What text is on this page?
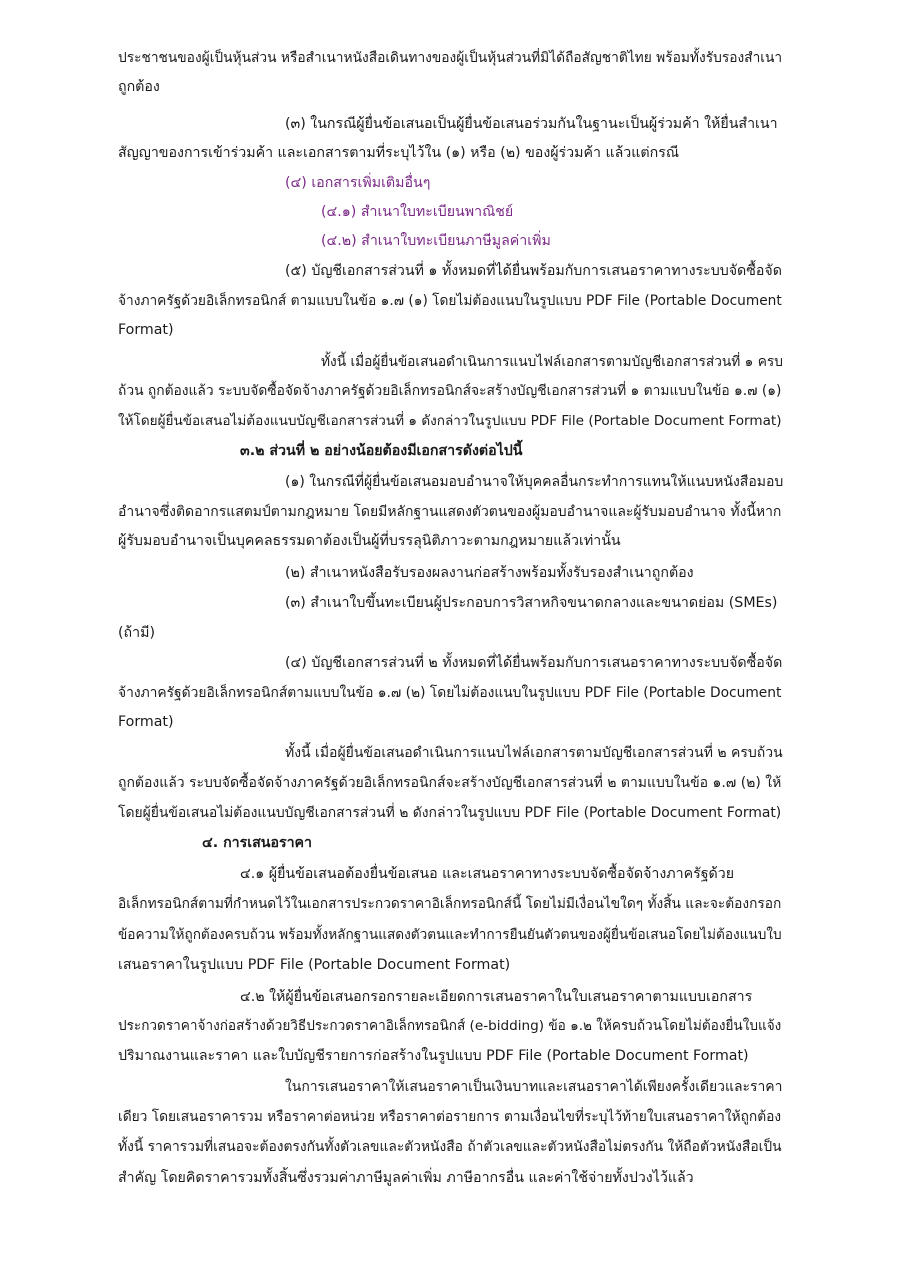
ประชาชนของผู้เป็นหุ้นส่วน หรือสำเนาหนังสือเดินทางของผู้เป็นหุ้นส่วนที่มิได้ถือสัญชาติไทย พร้อมทั้งรับรองสำเนา
ถูกต้อง
(๓) ในกรณีผู้ยื่นข้อเสนอเป็นผู้ยื่นข้อเสนอร่วมกันในฐานะเป็นผู้ร่วมค้า ให้ยื่นสำเนา
สัญญาของการเข้าร่วมค้า และเอกสารตามที่ระบุไว้ใน (๑) หรือ (๒) ของผู้ร่วมค้า แล้วแต่กรณี
(๔) เอกสารเพิ่มเติมอื่นๆ
(๔.๑) สำเนาใบทะเบียนพาณิชย์
(๔.๒) สำเนาใบทะเบียนภาษีมูลค่าเพิ่ม
(๕) บัญชีเอกสารส่วนที่ ๑ ทั้งหมดที่ได้ยื่นพร้อมกับการเสนอราคาทางระบบจัดซื้อจัด
จ้างภาครัฐด้วยอิเล็กทรอนิกส์ ตามแบบในข้อ ๑.๗ (๑) โดยไม่ต้องแนบในรูปแบบ PDF File (Portable Document
Format)
ทั้งนี้ เมื่อผู้ยื่นข้อเสนอดำเนินการแนบไฟล์เอกสารตามบัญชีเอกสารส่วนที่ ๑ ครบ
ถ้วน ถูกต้องแล้ว ระบบจัดซื้อจัดจ้างภาครัฐด้วยอิเล็กทรอนิกส์จะสร้างบัญชีเอกสารส่วนที่ ๑ ตามแบบในข้อ ๑.๗ (๑)
ให้โดยผู้ยื่นข้อเสนอไม่ต้องแนบบัญชีเอกสารส่วนที่ ๑ ดังกล่าวในรูปแบบ PDF File (Portable Document Format)
๓.๒ ส่วนที่ ๒ อย่างน้อยต้องมีเอกสารดังต่อไปนี้
(๑) ในกรณีที่ผู้ยื่นข้อเสนอมอบอำนาจให้บุคคลอื่นกระทำการแทนให้แนบหนังสือมอบ
อำนาจซึ่งติดอากรแสตมป์ตามกฎหมาย โดยมีหลักฐานแสดงตัวตนของผู้มอบอำนาจและผู้รับมอบอำนาจ ทั้งนี้หาก
ผู้รับมอบอำนาจเป็นบุคคลธรรมดาต้องเป็นผู้ที่บรรลุนิติภาวะตามกฎหมายแล้วเท่านั้น
(๒) สำเนาหนังสือรับรองผลงานก่อสร้างพร้อมทั้งรับรองสำเนาถูกต้อง
(๓) สำเนาใบขึ้นทะเบียนผู้ประกอบการวิสาหกิจขนาดกลางและขนาดย่อม (SMEs)
(ถ้ามี)
(๔) บัญชีเอกสารส่วนที่ ๒ ทั้งหมดที่ได้ยื่นพร้อมกับการเสนอราคาทางระบบจัดซื้อจัด
จ้างภาครัฐด้วยอิเล็กทรอนิกส์ตามแบบในข้อ ๑.๗ (๒) โดยไม่ต้องแนบในรูปแบบ PDF File (Portable Document
Format)
ทั้งนี้ เมื่อผู้ยื่นข้อเสนอดำเนินการแนบไฟล์เอกสารตามบัญชีเอกสารส่วนที่ ๒ ครบถ้วน
ถูกต้องแล้ว ระบบจัดซื้อจัดจ้างภาครัฐด้วยอิเล็กทรอนิกส์จะสร้างบัญชีเอกสารส่วนที่ ๒ ตามแบบในข้อ ๑.๗ (๒) ให้
โดยผู้ยื่นข้อเสนอไม่ต้องแนบบัญชีเอกสารส่วนที่ ๒ ดังกล่าวในรูปแบบ PDF File (Portable Document Format)
๔. การเสนอราคา
๔.๑ ผู้ยื่นข้อเสนอต้องยื่นข้อเสนอ และเสนอราคาทางระบบจัดซื้อจัดจ้างภาครัฐด้วย
อิเล็กทรอนิกส์ตามที่กำหนดไว้ในเอกสารประกวดราคาอิเล็กทรอนิกส์นี้ โดยไม่มีเงื่อนไขใดๆ ทั้งสิ้น และจะต้องกรอก
ข้อความให้ถูกต้องครบถ้วน พร้อมทั้งหลักฐานแสดงตัวตนและทำการยืนยันตัวตนของผู้ยื่นข้อเสนอโดยไม่ต้องแนบใบ
เสนอราคาในรูปแบบ PDF File (Portable Document Format)
๔.๒ ให้ผู้ยื่นข้อเสนอกรอกรายละเอียดการเสนอราคาในใบเสนอราคาตามแบบเอกสาร
ประกวดราคาจ้างก่อสร้างด้วยวิธีประกวดราคาอิเล็กทรอนิกส์ (e-bidding) ข้อ ๑.๒ ให้ครบถ้วนโดยไม่ต้องยื่นใบแจ้ง
ปริมาณงานและราคา และใบบัญชีรายการก่อสร้างในรูปแบบ PDF File (Portable Document Format)
ในการเสนอราคาให้เสนอราคาเป็นเงินบาทและเสนอราคาได้เพียงครั้งเดียวและราคา
เดียว โดยเสนอราคารวม หรือราคาต่อหน่วย หรือราคาต่อรายการ ตามเงื่อนไขที่ระบุไว้ท้ายใบเสนอราคาให้ถูกต้อง
ทั้งนี้ ราคารวมที่เสนอจะต้องตรงกันทั้งตัวเลขและตัวหนังสือ ถ้าตัวเลขและตัวหนังสือไม่ตรงกัน ให้ถือตัวหนังสือเป็น
สำคัญ โดยคิดราคารวมทั้งสิ้นซึ่งรวมค่าภาษีมูลค่าเพิ่ม ภาษีอากรอื่น และค่าใช้จ่ายทั้งปวงไว้แล้ว
